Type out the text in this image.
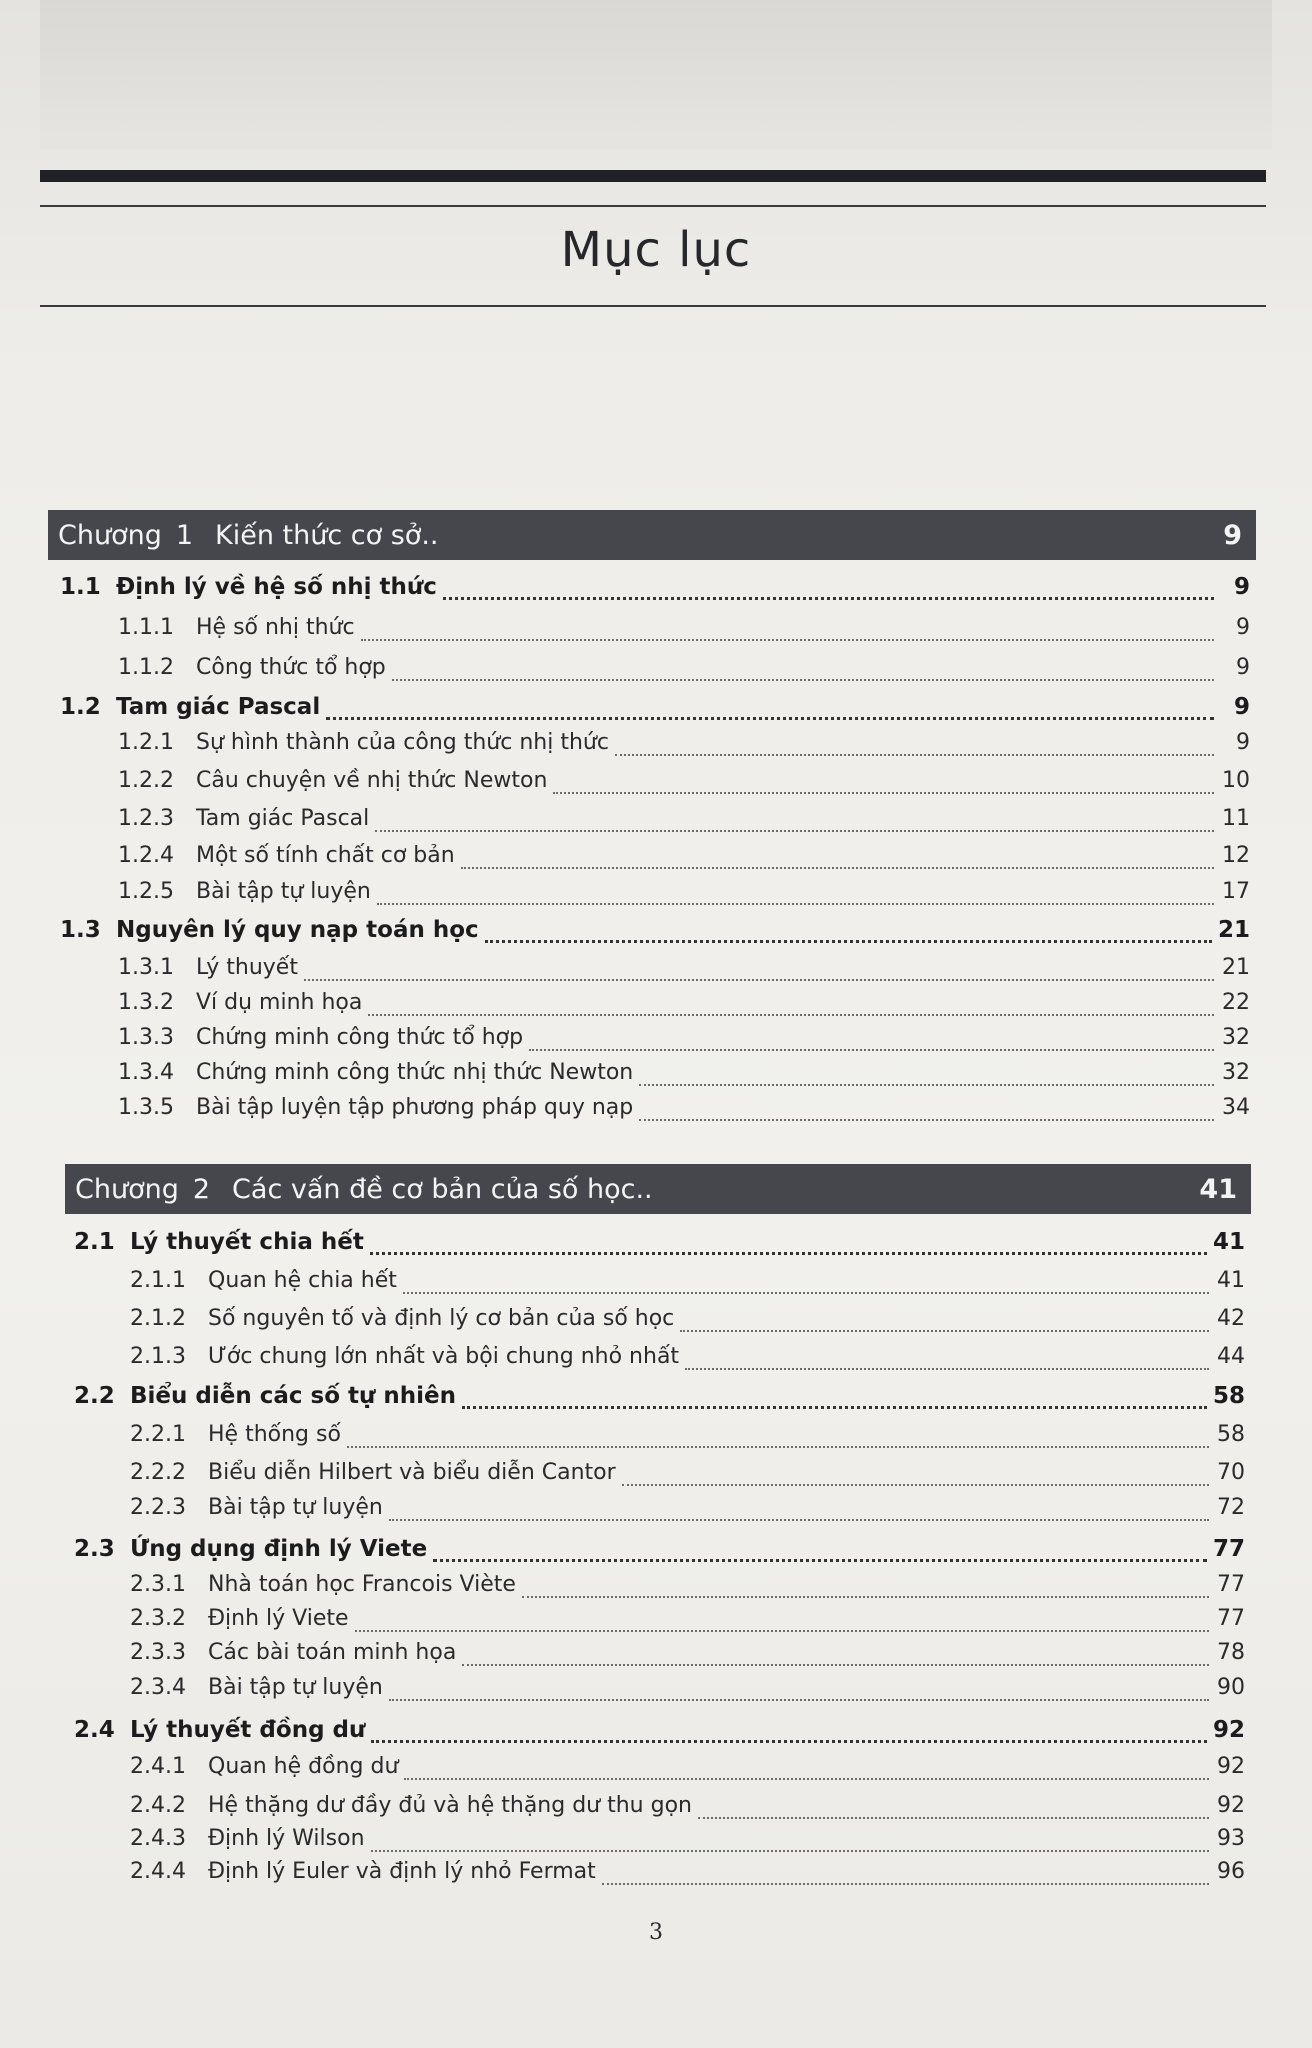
Mục lục
Chương 1 Kiến thức cơ sở..	9
1.1 Định lý về hệ số nhị thức	9
1.1.1	Hệ số nhị thức	9
1.1.2	Công thức tổ hợp	9
1.2 Tam giác Pascal	9
1.2.1	Sự hình thành của công thức nhị thức	9
1.2.2	Câu chuyện về nhị thức Newton	10
1.2.3	Tam giác Pascal	11
1.2.4	Một số tính chất cơ bản	12
1.2.5	Bài tập tự luyện	17
1.3 Nguyên lý quy nạp toán học	21
1.3.1	Lý thuyết	21
1.3.2	Ví dụ minh họa	22
1.3.3	Chứng minh công thức tổ hợp	32
1.3.4	Chứng minh công thức nhị thức Newton	32
1.3.5	Bài tập luyện tập phương pháp quy nạp	34
Chương 2 Các vấn đề cơ bản của số học..	41
2.1 Lý thuyết chia hết	41
2.1.1	Quan hệ chia hết	41
2.1.2	Số nguyên tố và định lý cơ bản của số học	42
2.1.3	Ước chung lớn nhất và bội chung nhỏ nhất	44
2.2 Biểu diễn các số tự nhiên	58
2.2.1	Hệ thống số	58
2.2.2	Biểu diễn Hilbert và biểu diễn Cantor	70
2.2.3	Bài tập tự luyện	72
2.3 Ứng dụng định lý Viete	77
2.3.1	Nhà toán học Francois Viète	77
2.3.2	Định lý Viete	77
2.3.3	Các bài toán minh họa	78
2.3.4	Bài tập tự luyện	90
2.4 Lý thuyết đồng dư	92
2.4.1	Quan hệ đồng dư	92
2.4.2	Hệ thặng dư đầy đủ và hệ thặng dư thu gọn	92
2.4.3	Định lý Wilson	93
2.4.4	Định lý Euler và định lý nhỏ Fermat	96
3
